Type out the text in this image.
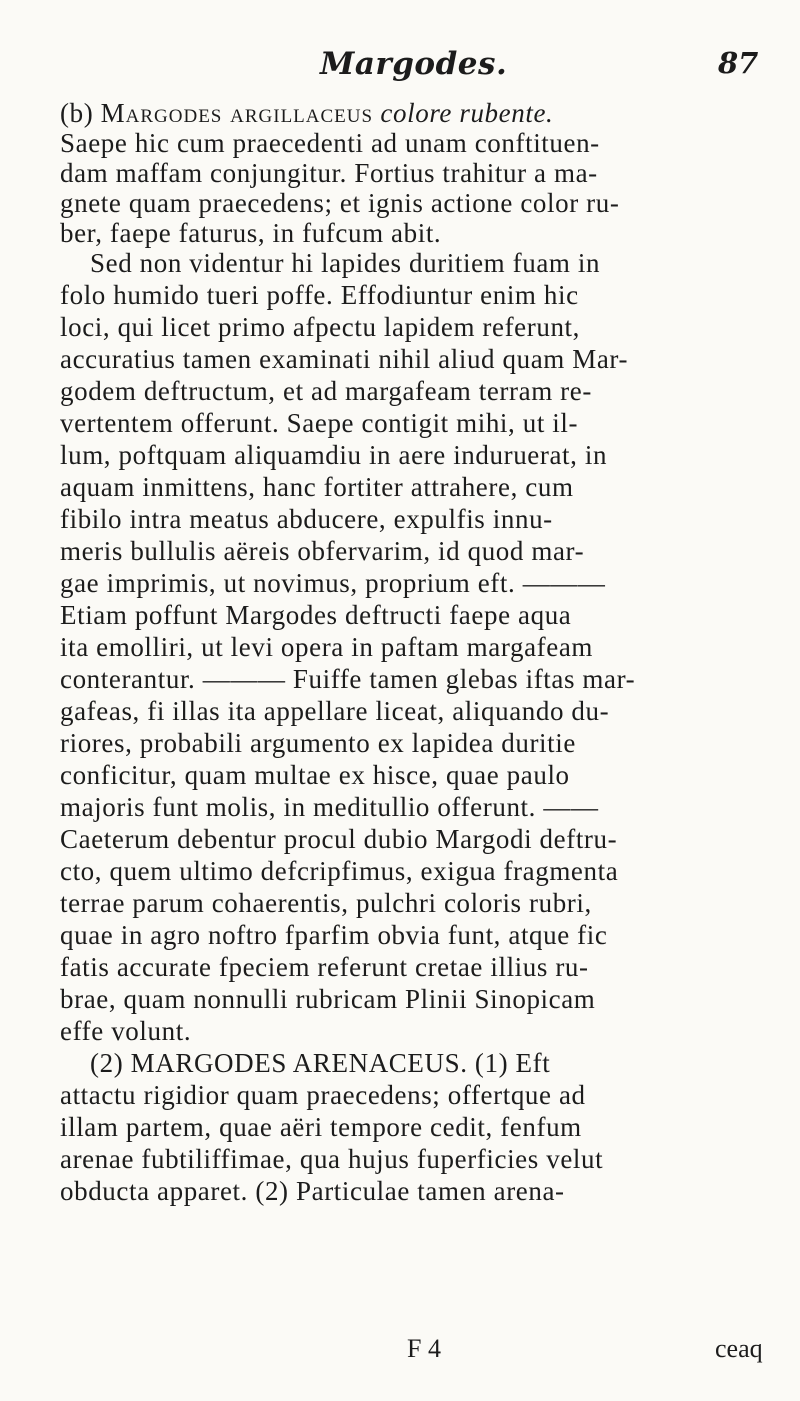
Margodes.	87
(b) Margodes argillaceus colore rubente.
Saepe hic cum praecedenti ad unam conftituen-
dam maffam conjungitur. Fortius trahitur a ma-
gnete quam praecedens; et ignis actione color ru-
ber, faepe faturus, in fufcum abit.
Sed non videntur hi lapides duritiem fuam in
folo humido tueri poffe. Effodiuntur enim hic
loci, qui licet primo afpectu lapidem referunt,
accuratius tamen examinati nihil aliud quam Mar-
godem deftructum, et ad margafeam terram re-
vertentem offerunt. Saepe contigit mihi, ut il-
lum, poftquam aliquamdiu in aere induruerat, in
aquam inmittens, hanc fortiter attrahere, cum
fibilo intra meatus abducere, expulfis innu-
meris bullulis aëreis obfervarim, id quod mar-
gae imprimis, ut novimus, proprium eft. ———
Etiam poffunt Margodes deftructi faepe aqua
ita emolliri, ut levi opera in paftam margafeam
conterantur. ——— Fuiffe tamen glebas iftas mar-
gafeas, fi illas ita appellare liceat, aliquando du-
riores, probabili argumento ex lapidea duritie
conficitur, quam multae ex hisce, quae paulo
majoris funt molis, in meditullio offerunt. ——
Caeterum debentur procul dubio Margodi deftru-
cto, quem ultimo defcripfimus, exigua fragmenta
terrae parum cohaerentis, pulchri coloris rubri,
quae in agro noftro fparfim obvia funt, atque fic
fatis accurate fpeciem referunt cretae illius ru-
brae, quam nonnulli rubricam Plinii Sinopicam
effe volunt.
(2) MARGODES ARENACEUS. (1) Eft
attactu rigidior quam praecedens; offertque ad
illam partem, quae aëri tempore cedit, fenfum
arenae fubtiliffimae, qua hujus fuperficies velut
obducta apparet. (2) Particulae tamen arena-
F 4	ceaq
